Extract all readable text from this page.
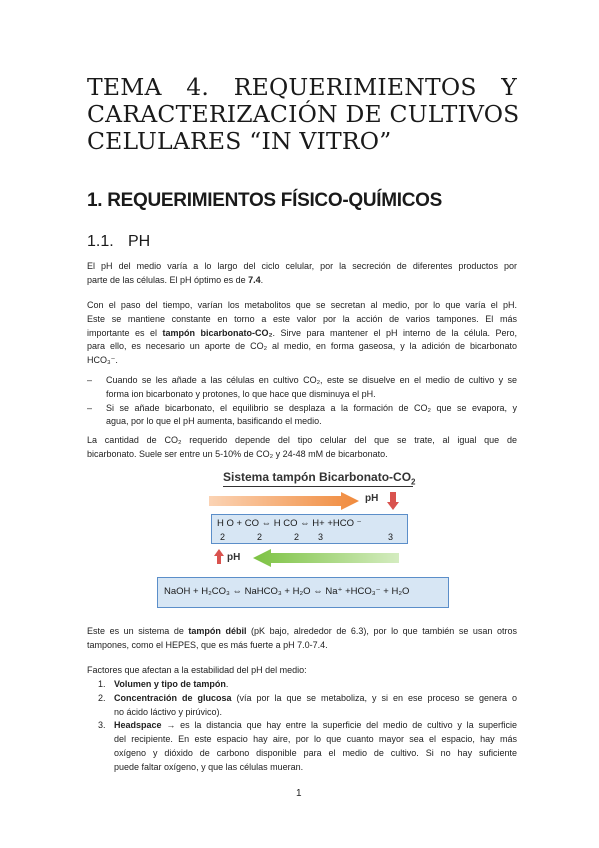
TEMA 4. REQUERIMIENTOS Y
CARACTERIZACIÓN DE CULTIVOS
CELULARES “IN VITRO”
1. REQUERIMIENTOS FÍSICO-QUÍMICOS
1.1. PH
El pH del medio varía a lo largo del ciclo celular, por la secreción de diferentes productos por
parte de las células. El pH óptimo es de 7.4.
Con el paso del tiempo, varían los metabolitos que se secretan al medio, por lo que varía el pH.
Este se mantiene constante en torno a este valor por la acción de varios tampones. El más
importante es el tampón bicarbonato-CO₂. Sirve para mantener el pH interno de la célula. Pero,
para ello, es necesario un aporte de CO₂ al medio, en forma gaseosa, y la adición de bicarbonato
HCO₃⁻.
– Cuando se les añade a las células en cultivo CO₂, este se disuelve en el medio de cultivo y se
forma ion bicarbonato y protones, lo que hace que disminuya el pH.
– Si se añade bicarbonato, el equilibrio se desplaza a la formación de CO₂ que se evapora, y
agua, por lo que el pH aumenta, basificando el medio.
La cantidad de CO₂ requerido depende del tipo celular del que se trate, al igual que de
bicarbonato. Suele ser entre un 5-10% de CO₂ y 24-48 mM de bicarbonato.
Sistema tampón Bicarbonato-$CO_2$
pH
H O + CO ⇔ H CO ⇔ H+ +HCO ⁻
2	2	2 3	3
pH
NaOH + H₂CO₃ ⇔ NaHCO₃ + H₂O ⇔ Na⁺ +HCO₃⁻ + H₂O
Este es un sistema de tampón débil (pK bajo, alrededor de 6.3), por lo que también se usan otros
tampones, como el HEPES, que es más fuerte a pH 7.0-7.4.
Factores que afectan a la estabilidad del pH del medio:
1. Volumen y tipo de tampón.
2. Concentración de glucosa (vía por la que se metaboliza, y si en ese proceso se genera o
no ácido láctivo y pirúvico).
3. Headspace → es la distancia que hay entre la superficie del medio de cultivo y la superficie
del recipiente. En este espacio hay aire, por lo que cuanto mayor sea el espacio, hay más
oxígeno y dióxido de carbono disponible para el medio de cultivo. Si no hay suficiente
puede faltar oxígeno, y que las células mueran.
1
